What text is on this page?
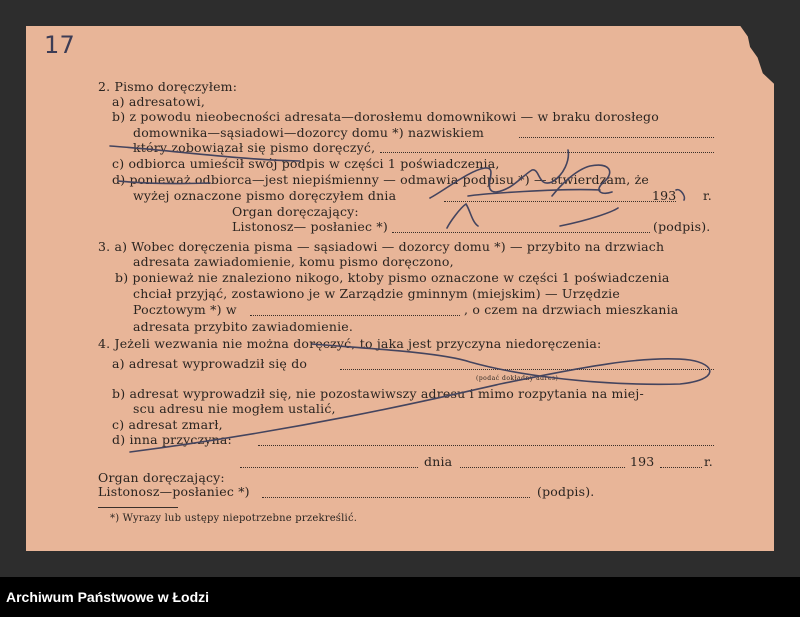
17
2. Pismo doręczyłem:
a) adresatowi,
b) z powodu nieobecności adresata—dorosłemu domownikowi — w braku dorosłego
domownika—sąsiadowi—dozorcy domu *) nazwiskiem
który zobowiązał się pismo doręczyć,
c) odbiorca umieścił swój podpis w części 1 poświadczenia,
d) ponieważ odbiorca—jest niepiśmienny — odmawia podpisu *) — stwierdzam, że
wyżej oznaczone pismo doręczyłem dnia	193 r.
Organ doręczający:
Listonosz— posłaniec *)	(podpis).
3. a) Wobec doręczenia pisma — sąsiadowi — dozorcy domu *) — przybito na drzwiach
adresata zawiadomienie, komu pismo doręczono,
b) ponieważ nie znaleziono nikogo, ktoby pismo oznaczone w części 1 poświadczenia
chciał przyjąć, zostawiono je w Zarządzie gminnym (miejskim) — Urzędzie
Pocztowym *) w	, o czem na drzwiach mieszkania
adresata przybito zawiadomienie.
4. Jeżeli wezwania nie można doręczyć, to jaka jest przyczyna niedoręczenia:
a) adresat wyprowadził się do
(podać dokładny adres)
b) adresat wyprowadził się, nie pozostawiwszy adresu i mimo rozpytania na miej-
scu adresu nie mogłem ustalić,
c) adresat zmarł,
d) inna przyczyna:
dnia	193	r.
Organ doręczający:
Listonosz—posłaniec *)	(podpis).
*) Wyrazy lub ustępy niepotrzebne przekreślić.
Archiwum Państwowe w Łodzi
